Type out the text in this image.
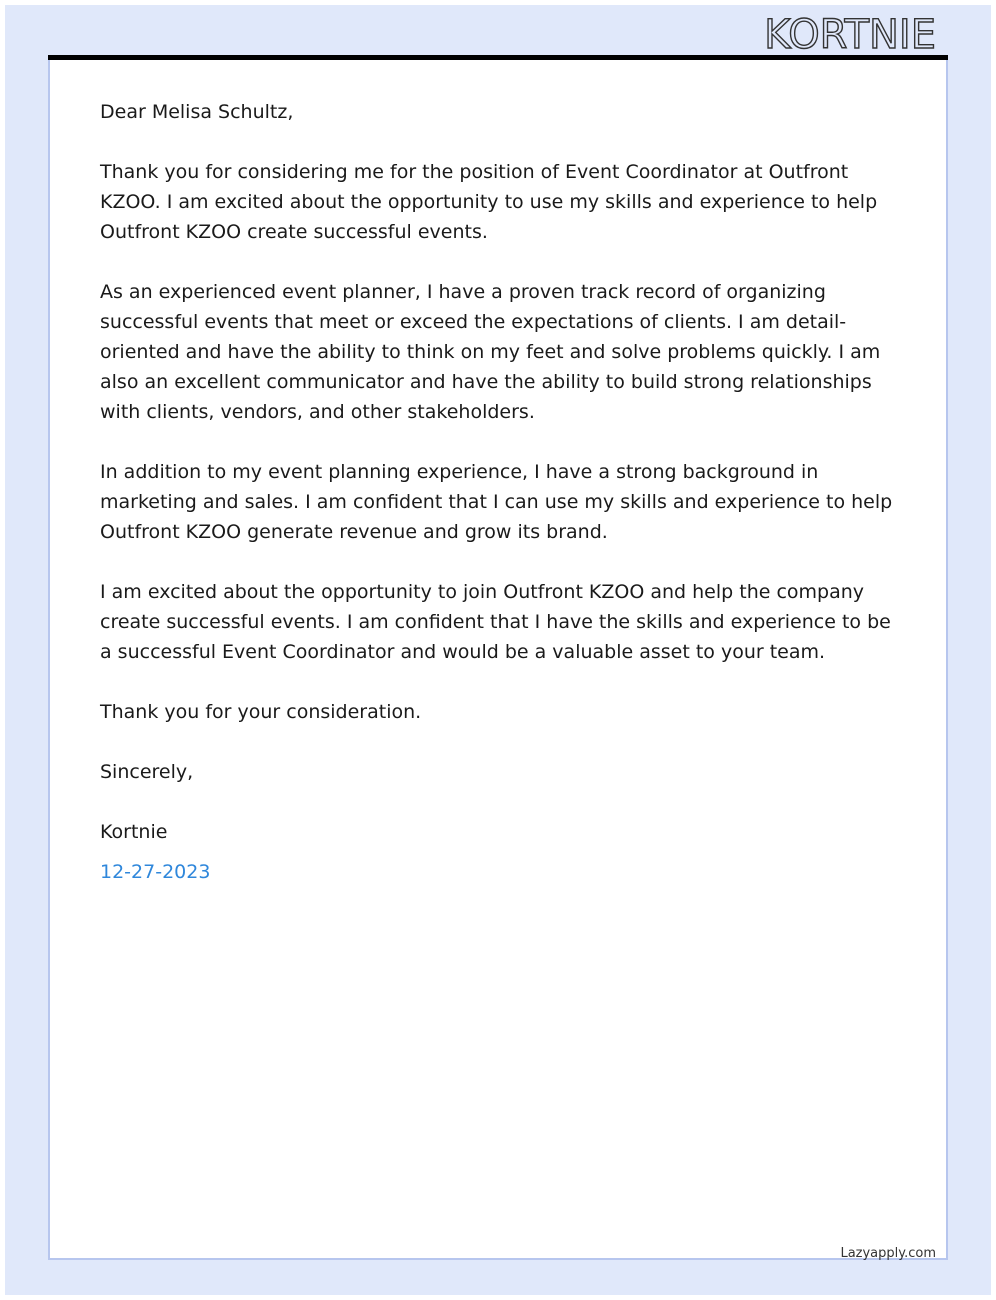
KORTNIE

Dear Melisa Schultz,

Thank you for considering me for the position of Event Coordinator at Outfront KZOO. I am excited about the opportunity to use my skills and experience to help Outfront KZOO create successful events.

As an experienced event planner, I have a proven track record of organizing successful events that meet or exceed the expectations of clients. I am detail-oriented and have the ability to think on my feet and solve problems quickly. I am also an excellent communicator and have the ability to build strong relationships with clients, vendors, and other stakeholders.

In addition to my event planning experience, I have a strong background in marketing and sales. I am confident that I can use my skills and experience to help Outfront KZOO generate revenue and grow its brand.

I am excited about the opportunity to join Outfront KZOO and help the company create successful events. I am confident that I have the skills and experience to be a successful Event Coordinator and would be a valuable asset to your team.

Thank you for your consideration.

Sincerely,

Kortnie

12-27-2023

Lazyapply.com
